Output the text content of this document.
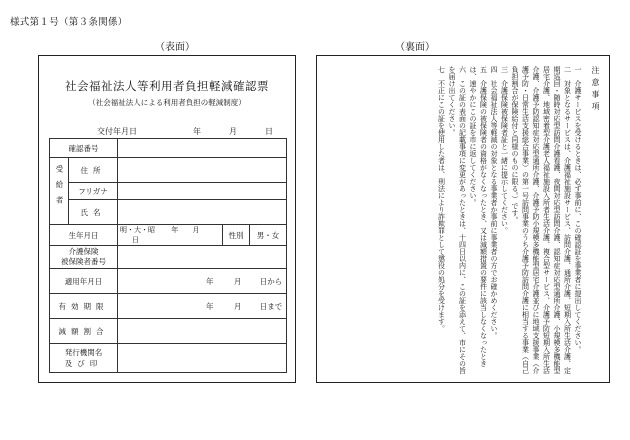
様式第１号（第３条関係）
（表面）	（裏面）
社会福祉法人等利用者負担軽減確認票
（社会福祉法人による利用者負担の軽減制度）
交付年月日	年	月	日
確認番号				
受給者	住所			
	フリガナ			
	氏名			
生年月日		明・大・昭 年 月 日	性別	男・女
介護保険
被保険者番号				
適用年月日		年 月 日から		
有効期限		年 月 日まで		
減額割合				
発行機関名
及び印				
注意事項

一　介護サービスを受けるときは、必ず事前に、この確認証を事業者に提出してください。

二　対象となるサービスは、介護福祉施設サービス、訪問介護、通所介護、短期入所生活介護、定期巡回・随時対応型訪問介護看護、夜間対応型訪問介護、認知症対応型通所介護、小規模多機能型居宅介護、地域密着型介護老人福祉施設入所者生活介護、複合型サービス、介護予防短期入所生活介護、介護予防認知症対応型通所介護、介護予防小規模多機能型居宅介護並びに地域支援事業（介護予防・日常生活支援総合事業）の第一号訪問事業のうち介護予防訪問介護に相当する事業（自己負担割合が保険給付と同様のものに限る。）です。

三　介護保険被保険者証と一緒に提示してください。

四　社会福祉法人等軽減の対象となる事業者か事前に事業者の方でお確かめください。

五　介護保険の被保険者の資格がなくなったとき、又は減額措置の要件に該当しなくなったときは、速やかにこの証を市に返してください。

六　この証の表面の記載事項に変更があったときは、十四日以内に、この証を添えて、市にその旨を届け出てください。

七　不正にこの証を使用した者は、刑法により詐欺罪として懲役の処分を受けます。
